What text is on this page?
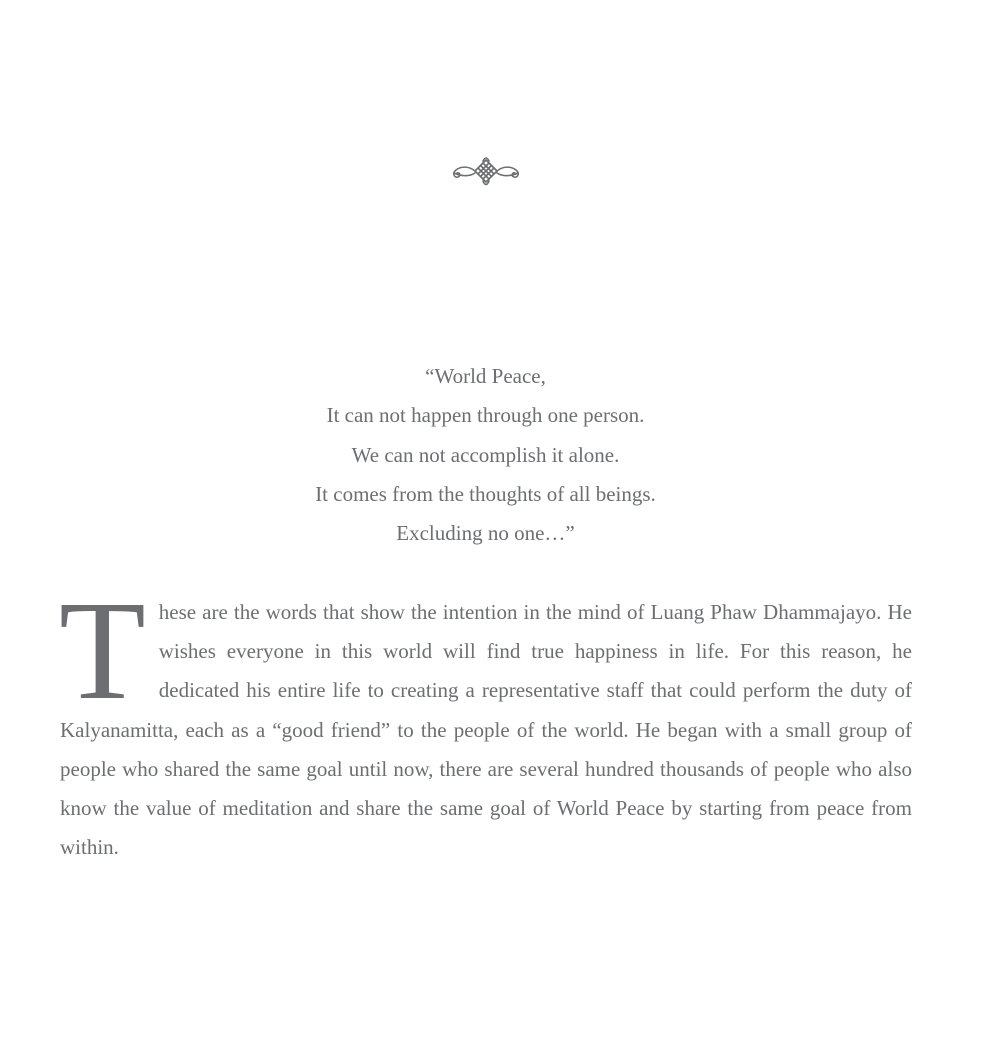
“World Peace,
It can not happen through one person.
We can not accomplish it alone.
It comes from the thoughts of all beings.
Excluding no one…”

These are the words that show the intention in the mind of Luang Phaw Dhammajayo. He wishes everyone in this world will find true happiness in life. For this reason, he dedicated his entire life to creating a representative staff that could perform the duty of Kalyanamitta, each as a “good friend” to the people of the world. He began with a small group of people who shared the same goal until now, there are several hundred thousands of people who also know the value of meditation and share the same goal of World Peace by starting from peace from within.
